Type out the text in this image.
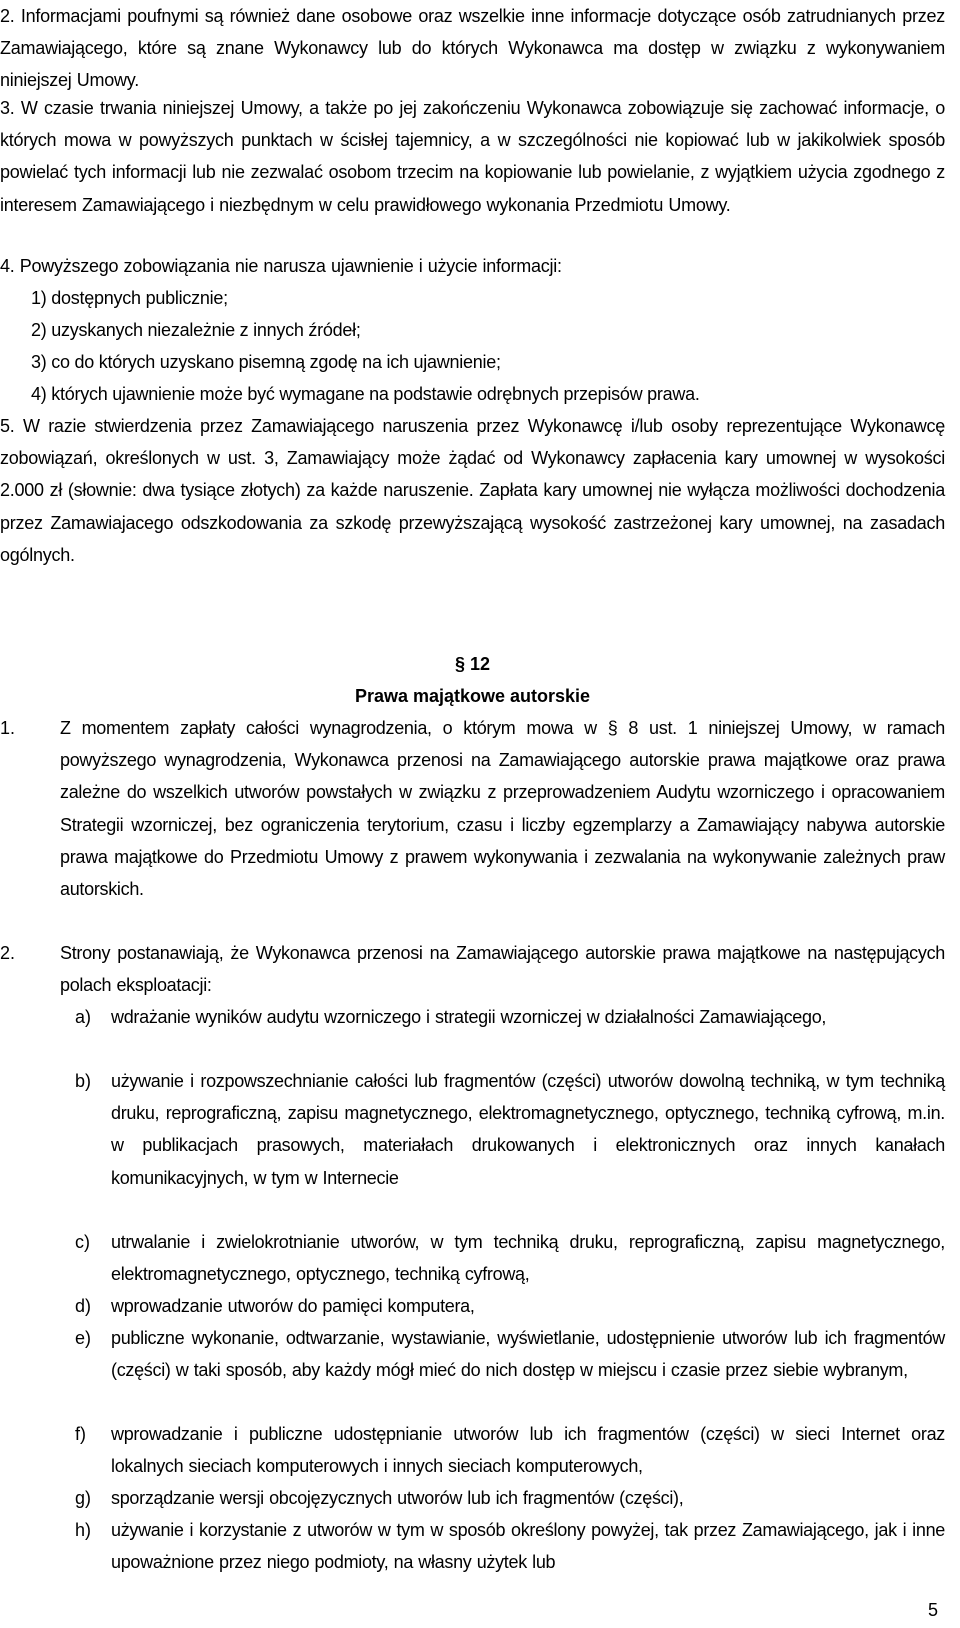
2. Informacjami poufnymi są również dane osobowe oraz wszelkie inne informacje dotyczące osób zatrudnianych przez Zamawiającego, które są znane Wykonawcy lub do których Wykonawca ma dostęp w związku z wykonywaniem niniejszej Umowy.

3. W czasie trwania niniejszej Umowy, a także po jej zakończeniu Wykonawca zobowiązuje się zachować informacje, o których mowa w powyższych punktach w ścisłej tajemnicy, a w szczególności nie kopiować lub w jakikolwiek sposób powielać tych informacji lub nie zezwalać osobom trzecim na kopiowanie lub powielanie, z wyjątkiem użycia zgodnego z interesem Zamawiającego i niezbędnym w celu prawidłowego wykonania Przedmiotu Umowy.

4. Powyższego zobowiązania nie narusza ujawnienie i użycie informacji:

1) dostępnych publicznie;

2) uzyskanych niezależnie z innych źródeł;

3) co do których uzyskano pisemną zgodę na ich ujawnienie;

4) których ujawnienie może być wymagane na podstawie odrębnych przepisów prawa.

5. W razie stwierdzenia przez Zamawiającego naruszenia przez Wykonawcę i/lub osoby reprezentujące Wykonawcę zobowiązań, określonych w ust. 3, Zamawiający może żądać od Wykonawcy zapłacenia kary umownej w wysokości 2.000 zł (słownie: dwa tysiące złotych) za każde naruszenie. Zapłata kary umownej nie wyłącza możliwości dochodzenia przez Zamawiajacego odszkodowania za szkodę przewyższającą wysokość zastrzeżonej kary umownej, na zasadach ogólnych.

§ 12

Prawa majątkowe autorskie

1. Z momentem zapłaty całości wynagrodzenia, o którym mowa w § 8 ust. 1 niniejszej Umowy, w ramach powyższego wynagrodzenia, Wykonawca przenosi na Zamawiającego autorskie prawa majątkowe oraz prawa zależne do wszelkich utworów powstałych w związku z przeprowadzeniem Audytu wzorniczego i opracowaniem Strategii wzorniczej, bez ograniczenia terytorium, czasu i liczby egzemplarzy a Zamawiający nabywa autorskie prawa majątkowe do Przedmiotu Umowy z prawem wykonywania i zezwalania na wykonywanie zależnych praw autorskich.

2. Strony postanawiają, że Wykonawca przenosi na Zamawiającego autorskie prawa majątkowe na następujących polach eksploatacji:

a) wdrażanie wyników audytu wzorniczego i strategii wzorniczej w działalności Zamawiającego,

b) używanie i rozpowszechnianie całości lub fragmentów (części) utworów dowolną techniką, w tym techniką druku, reprograficzną, zapisu magnetycznego, elektromagnetycznego, optycznego, techniką cyfrową, m.in. w publikacjach prasowych, materiałach drukowanych i elektronicznych oraz innych kanałach komunikacyjnych, w tym w Internecie

c) utrwalanie i zwielokrotnianie utworów, w tym techniką druku, reprograficzną, zapisu magnetycznego, elektromagnetycznego, optycznego, techniką cyfrową,

d) wprowadzanie utworów do pamięci komputera,

e) publiczne wykonanie, odtwarzanie, wystawianie, wyświetlanie, udostępnienie utworów lub ich fragmentów (części) w taki sposób, aby każdy mógł mieć do nich dostęp w miejscu i czasie przez siebie wybranym,

f) wprowadzanie i publiczne udostępnianie utworów lub ich fragmentów (części) w sieci Internet oraz lokalnych sieciach komputerowych i innych sieciach komputerowych,

g) sporządzanie wersji obcojęzycznych utworów lub ich fragmentów (części),

h) używanie i korzystanie z utworów w tym w sposób określony powyżej, tak przez Zamawiającego, jak i inne upoważnione przez niego podmioty, na własny użytek lub

5
